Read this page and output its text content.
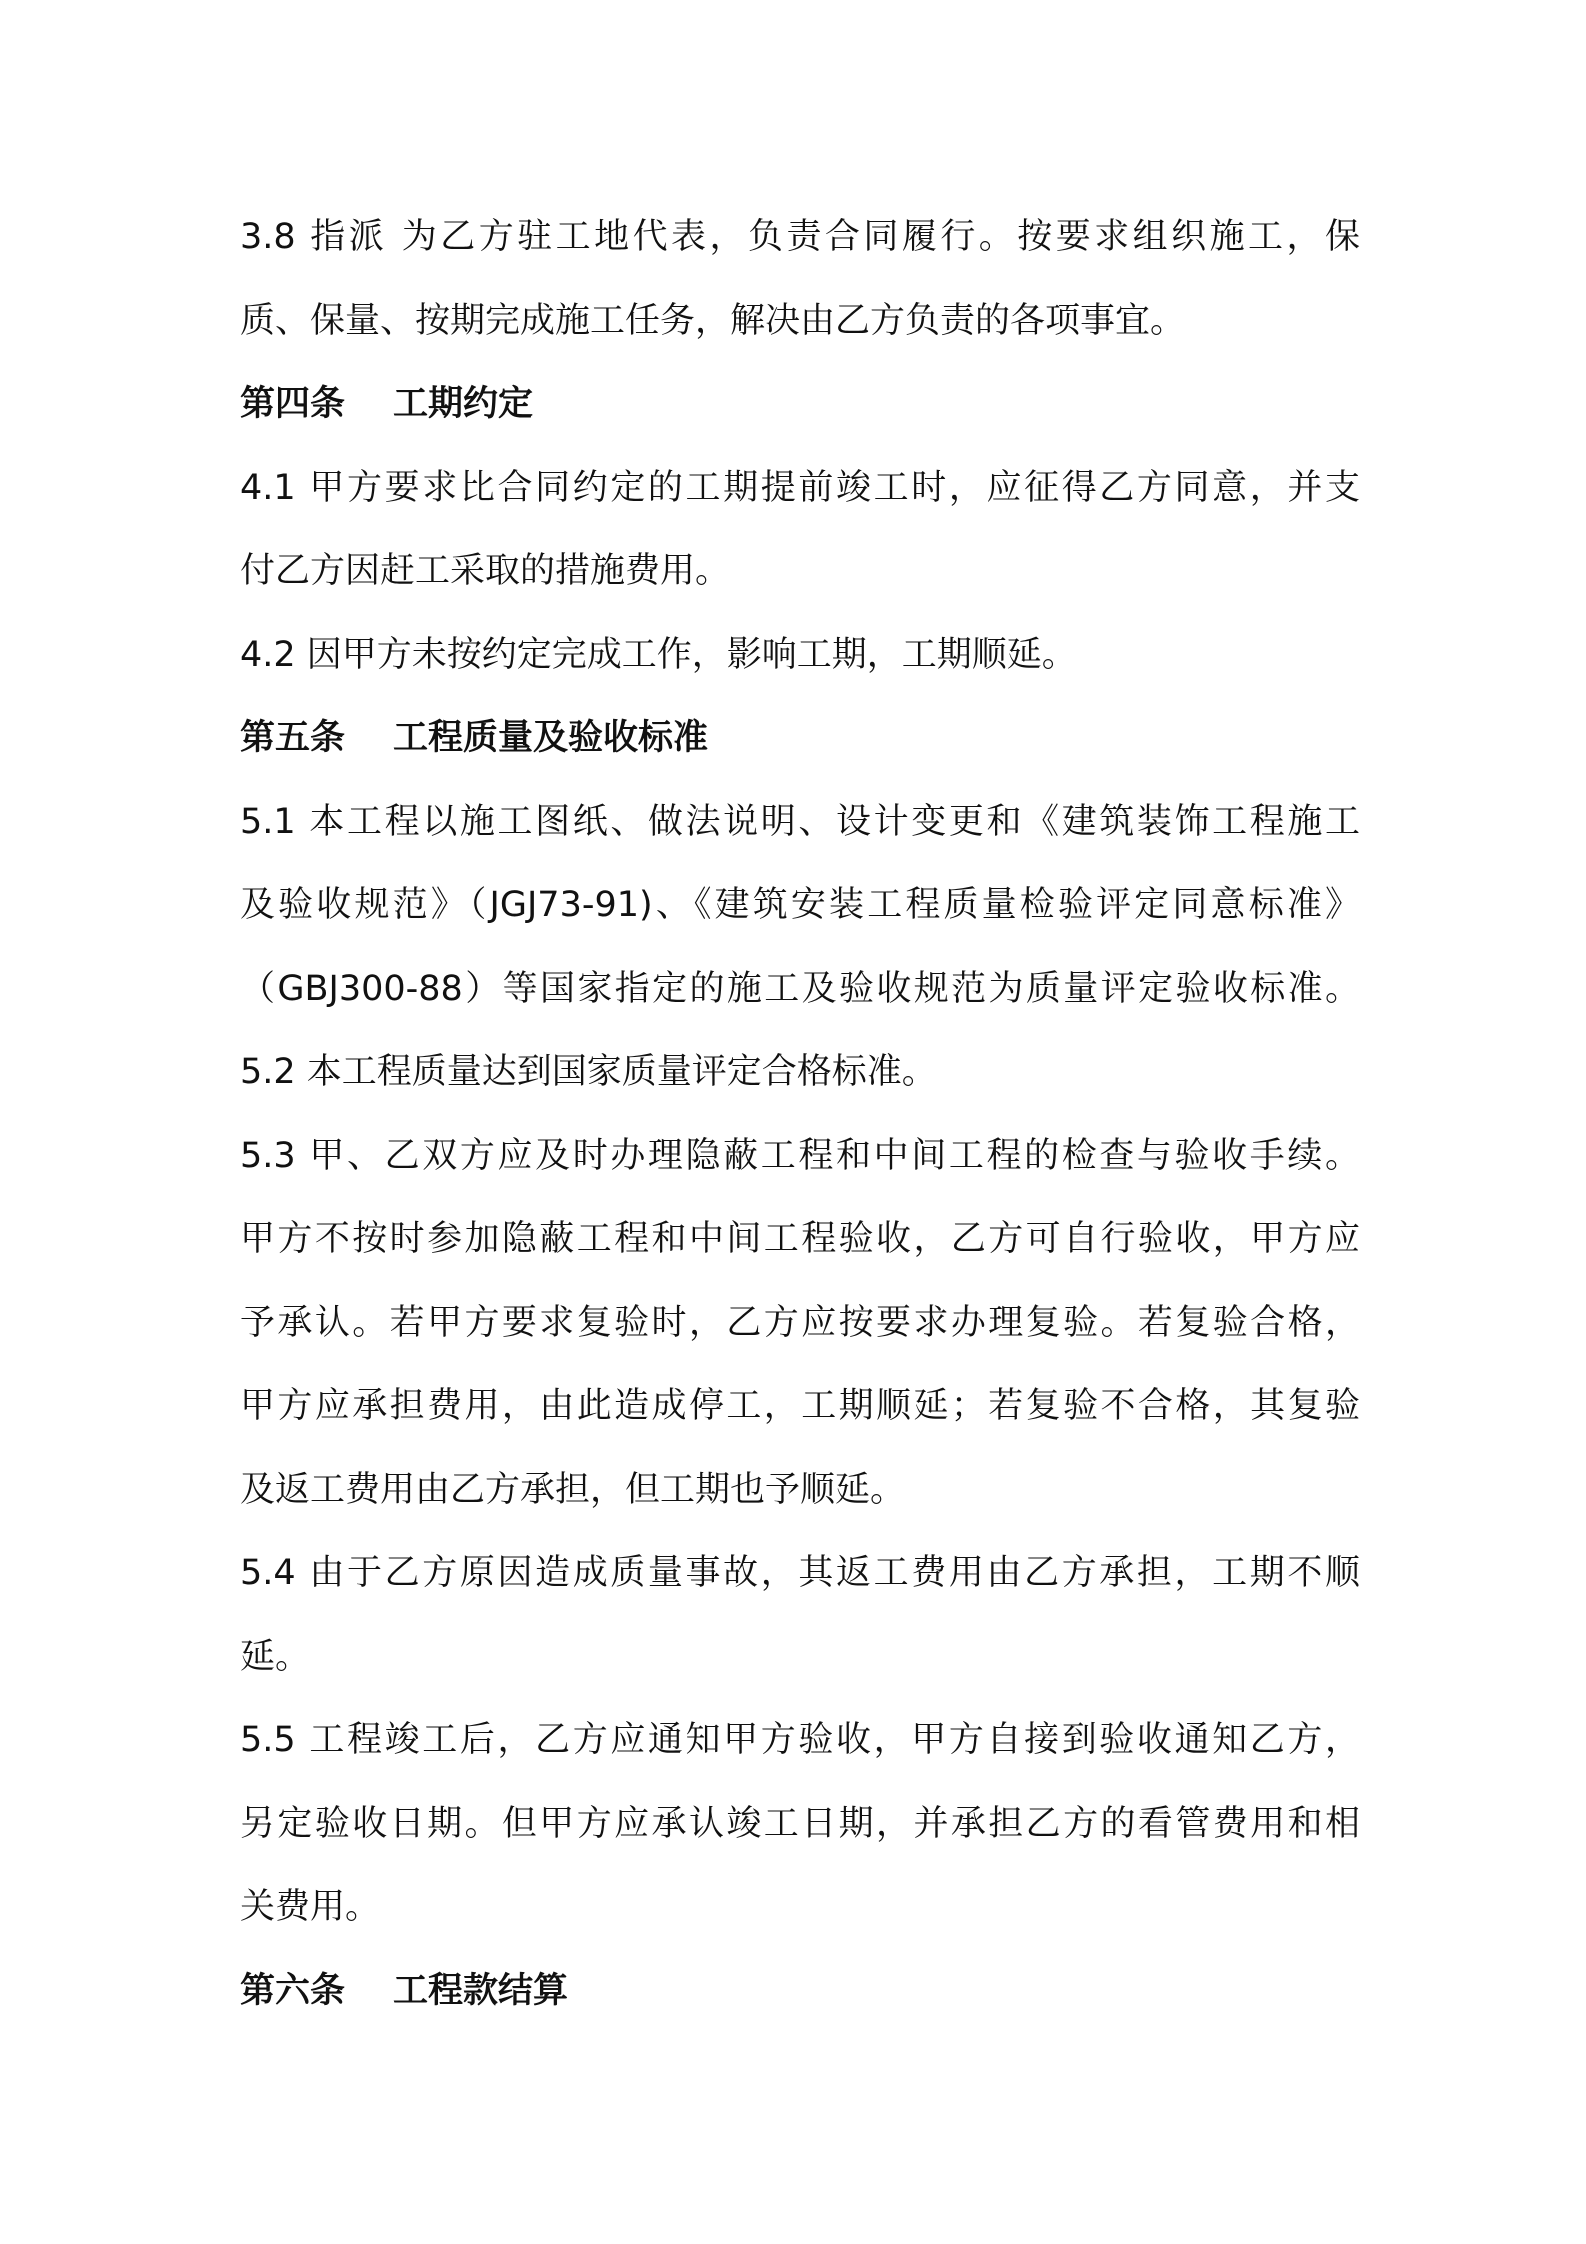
3.8 指派 为乙方驻工地代表，负责合同履行。按要求组织施工，保
质、保量、按期完成施工任务，解决由乙方负责的各项事宜。
第四条 工期约定
4.1 甲方要求比合同约定的工期提前竣工时，应征得乙方同意，并支
付乙方因赶工采取的措施费用。
4.2 因甲方未按约定完成工作，影响工期，工期顺延。
第五条 工程质量及验收标准
5.1 本工程以施工图纸、做法说明、设计变更和《建筑装饰工程施工
及验收规范》（JGJ73-91)、《建筑安装工程质量检验评定同意标准》
（GBJ300-88）等国家指定的施工及验收规范为质量评定验收标准。
5.2 本工程质量达到国家质量评定合格标准。
5.3 甲、乙双方应及时办理隐蔽工程和中间工程的检查与验收手续。
甲方不按时参加隐蔽工程和中间工程验收，乙方可自行验收，甲方应
予承认。若甲方要求复验时，乙方应按要求办理复验。若复验合格，
甲方应承担费用，由此造成停工，工期顺延；若复验不合格，其复验
及返工费用由乙方承担，但工期也予顺延。
5.4 由于乙方原因造成质量事故，其返工费用由乙方承担，工期不顺
延。
5.5 工程竣工后，乙方应通知甲方验收，甲方自接到验收通知乙方，
另定验收日期。但甲方应承认竣工日期，并承担乙方的看管费用和相
关费用。
第六条 工程款结算
